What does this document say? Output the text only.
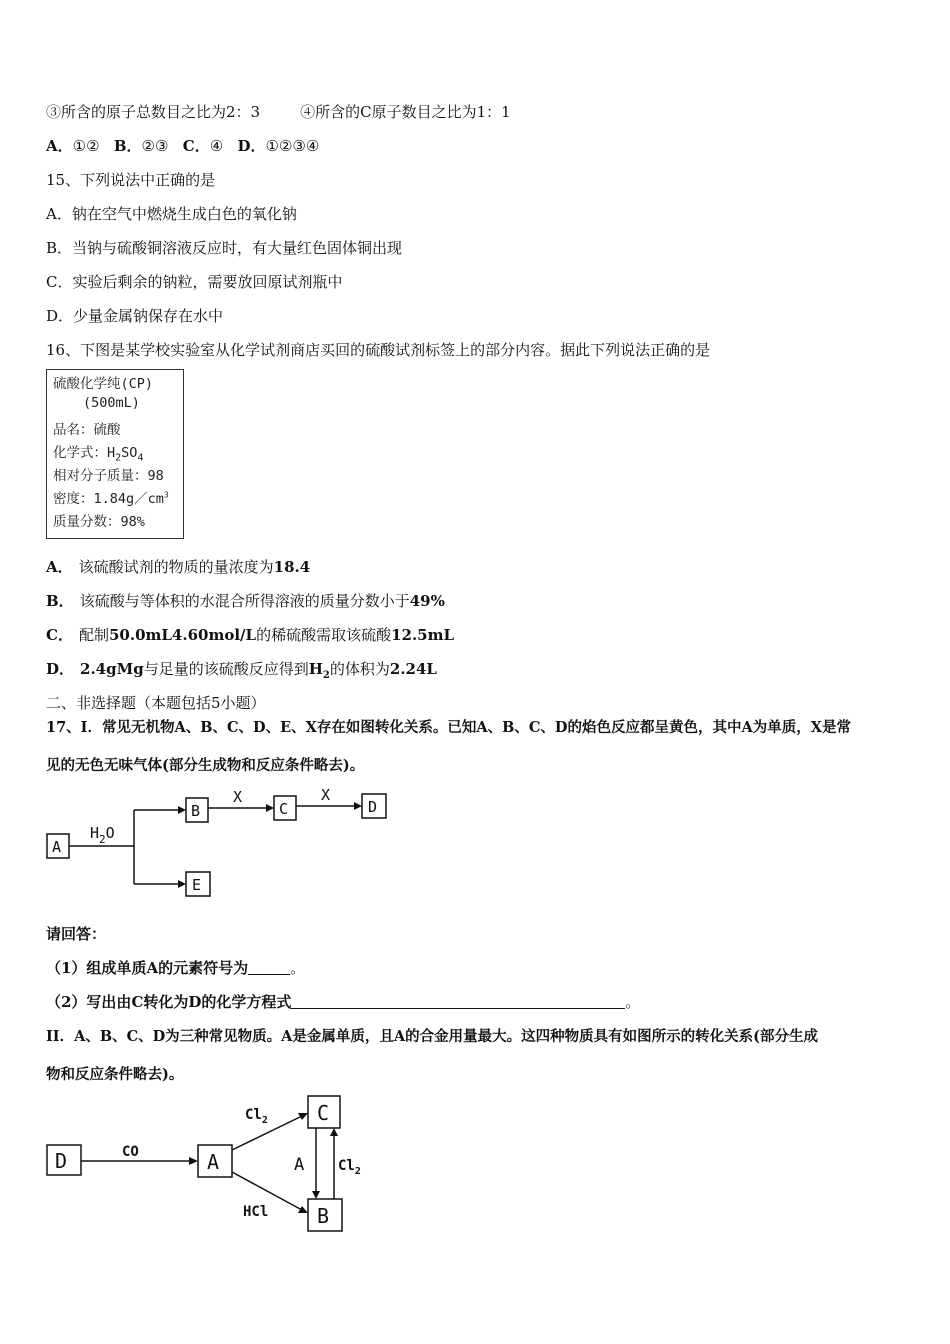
③所含的原子总数目之比为2：3	④所含的C原子数目之比为1：1
A．①② B．②③ C．④ D．①②③④
15、下列说法中正确的是
A．钠在空气中燃烧生成白色的氧化钠
B．当钠与硫酸铜溶液反应时，有大量红色固体铜出现
C．实验后剩余的钠粒，需要放回原试剂瓶中
D．少量金属钠保存在水中
16、下图是某学校实验室从化学试剂商店买回的硫酸试剂标签上的部分内容。据此下列说法正确的是
硫酸化学纯(CP)
(500mL)
品名：硫酸
化学式：$H_2SO_4$
相对分子质量：98
密度：$1.84g/cm^3$
质量分数：98%
A． 该硫酸试剂的物质的量浓度为18.4
B． 该硫酸与等体积的水混合所得溶液的质量分数小于49%
C． 配制50.0mL4.60mol/L的稀硫酸需取该硫酸12.5mL
D． 2.4gMg与足量的该硫酸反应得到$H_2$的体积为2.24L
二、非选择题（本题包括5小题）
17、I．常见无机物A、B、C、D、E、X存在如图转化关系。已知A、B、C、D的焰色反应都呈黄色，其中A为单质，X是常
见的无色无味气体(部分生成物和反应条件略去)。
A
B	C	D
E
X	X
$H_2O$
请回答：
（1）组成单质A的元素符号为	。
（2）写出由C转化为D的化学方程式	。
II．A、B、C、D为三种常见物质。A是金属单质，且A的合金用量最大。这四种物质具有如图所示的转化关系(部分生成
物和反应条件略去)。
D	A
C
B
A
CO
$Cl_2$
HCl
$Cl_2$
